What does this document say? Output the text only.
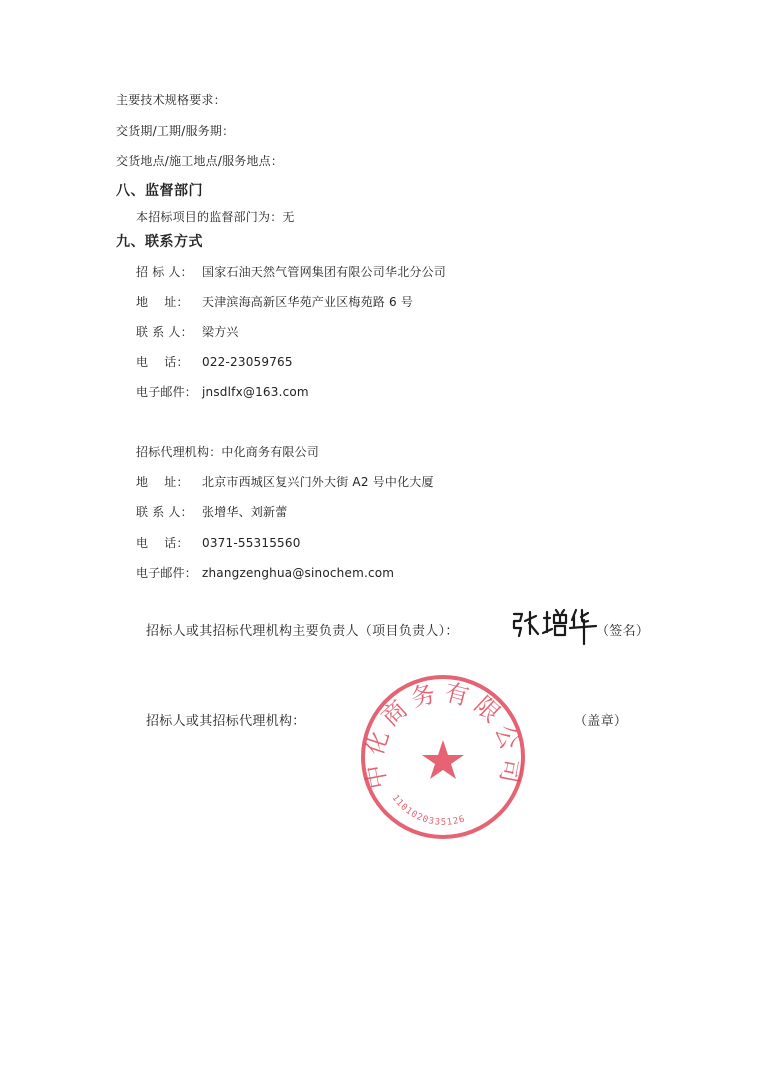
主要技术规格要求：
交货期/工期/服务期：
交货地点/施工地点/服务地点：
八、监督部门
本招标项目的监督部门为：无
九、联系方式
招 标 人： 国家石油天然气管网集团有限公司华北分公司
地    址： 天津滨海高新区华苑产业区梅苑路 6 号
联 系 人： 梁方兴
电    话： 022-23059765
电子邮件： jnsdlfx@163.com
招标代理机构：中化商务有限公司
地    址： 北京市西城区复兴门外大街 A2 号中化大厦
联 系 人： 张增华、刘新蕾
电    话： 0371-55315560
电子邮件： zhangzenghua@sinochem.com
招标人或其招标代理机构主要负责人（项目负责人）：	（签名）
招标人或其招标代理机构：	（盖章）
中化商务有限公司
1101020335126
